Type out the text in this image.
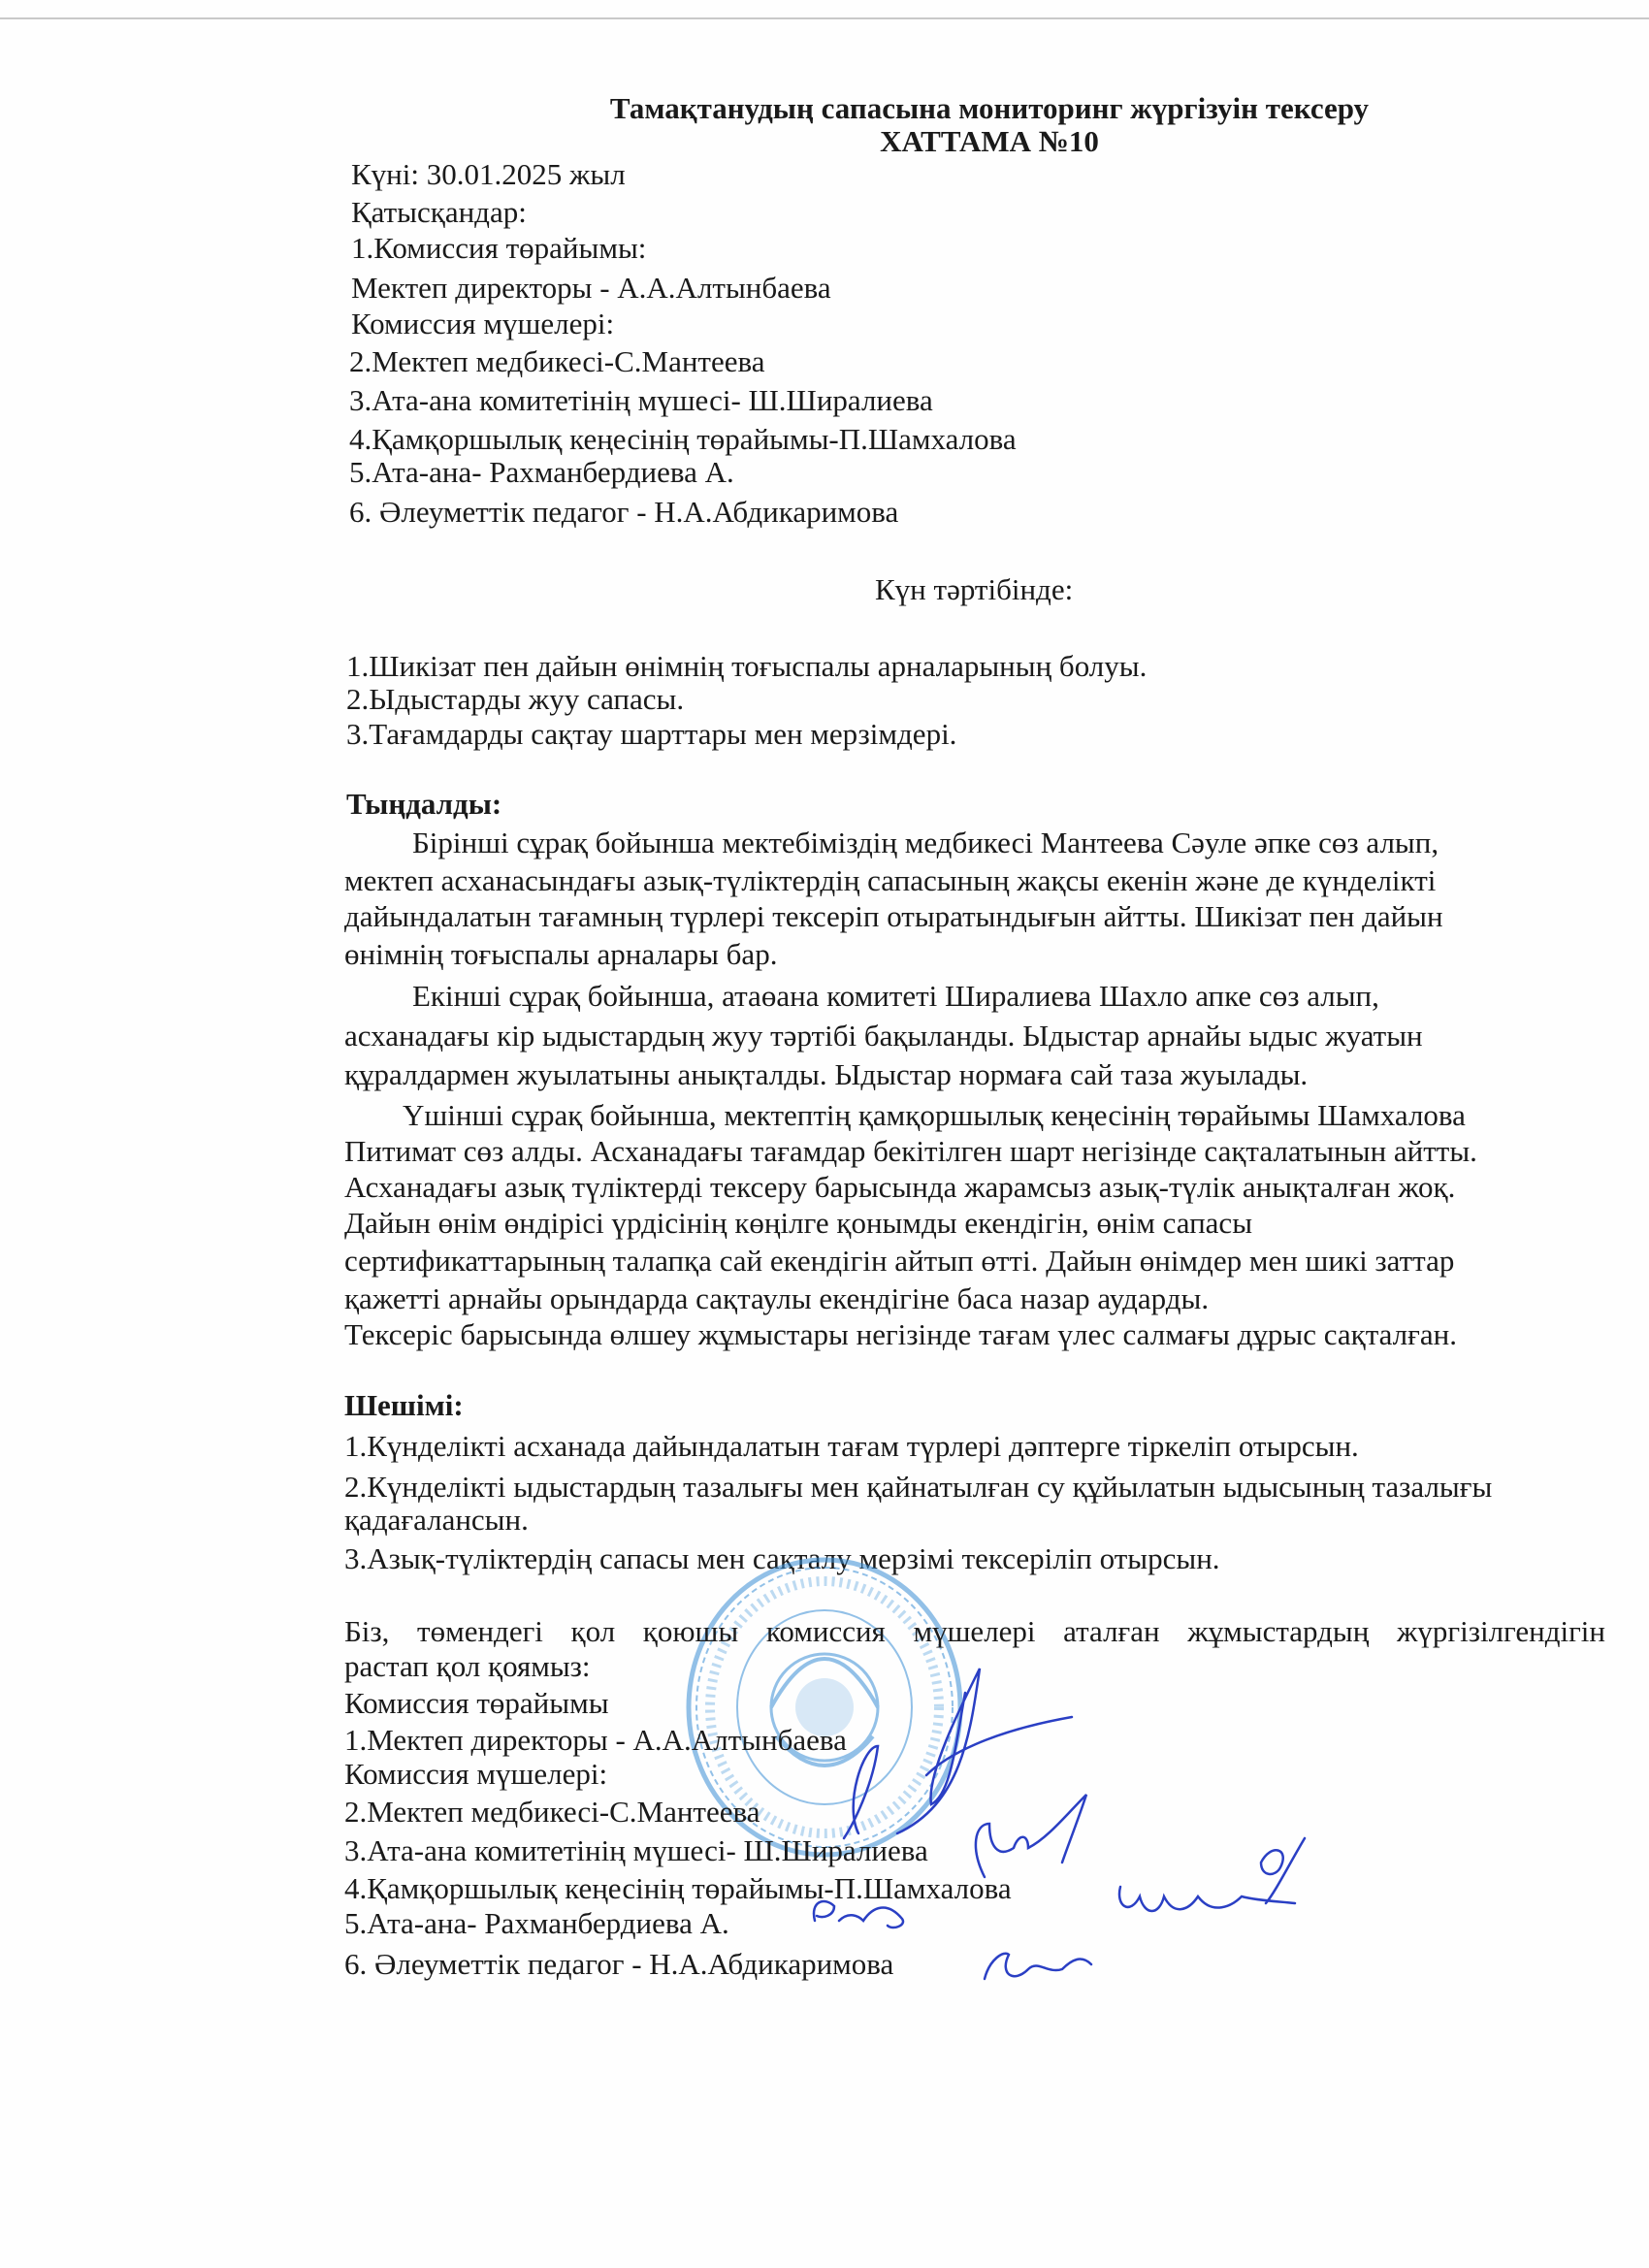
Тамақтанудың сапасына мониторинг жүргізуін тексеру
ХАТТАМА №10
Күні: 30.01.2025 жыл
Қатысқандар:
1.Комиссия төрайымы:
Мектеп директоры - А.А.Алтынбаева
Комиссия мүшелері:
2.Мектеп медбикесі-С.Мантеева
3.Ата-ана комитетінің мүшесі- Ш.Ширалиева
4.Қамқоршылық кеңесінің төрайымы-П.Шамхалова
5.Ата-ана- Рахманбердиева А.
6. Әлеуметтік педагог - Н.А.Абдикаримова
Күн тәртібінде:
1.Шикізат пен дайын өнімнің тоғыспалы арналарының болуы.
2.Ыдыстарды жуу сапасы.
3.Тағамдарды сақтау шарттары мен мерзімдері.
Тыңдалды:
Бірінші сұрақ бойынша мектебіміздің медбикесі Мантеева Сәуле әпке сөз алып,
мектеп асханасындағы азық-түліктердің сапасының жақсы екенін және де күнделікті
дайындалатын тағамның түрлері тексеріп отыратындығын айтты. Шикізат пен дайын
өнімнің тоғыспалы арналары бар.
Екінші сұрақ бойынша, атаөана комитеті Ширалиева Шахло апке сөз алып,
асханадағы кір ыдыстардың жуу тәртібі бақыланды. Ыдыстар арнайы ыдыс жуатын
құралдармен жуылатыны анықталды. Ыдыстар нормаға сай таза жуылады.
Үшінші сұрақ бойынша, мектептің қамқоршылық кеңесінің төрайымы Шамхалова
Питимат сөз алды. Асханадағы тағамдар бекітілген шарт негізінде сақталатынын айтты.
Асханадағы азық түліктерді тексеру барысында жарамсыз азық-түлік анықталған жоқ.
Дайын өнім өндірісі үрдісінің көңілге қонымды екендігін, өнім сапасы
сертификаттарының талапқа сай екендігін айтып өтті. Дайын өнімдер мен шикі заттар
қажетті арнайы орындарда сақтаулы екендігіне баса назар аударды.
Тексеріс барысында өлшеу жұмыстары негізінде тағам үлес салмағы дұрыс сақталған.
Шешімі:
1.Күнделікті асханада дайындалатын тағам түрлері дәптерге тіркеліп отырсын.
2.Күнделікті ыдыстардың тазалығы мен қайнатылған су құйылатын ыдысының тазалығы
қадағалансын.
3.Азық-түліктердің сапасы мен сақталу мерзімі тексеріліп отырсын.
Біз, төмендегі қол қоюшы комиссия мүшелері аталған жұмыстардың жүргізілгендігін
растап қол қоямыз:
Комиссия төрайымы
1.Мектеп директоры - А.А.Алтынбаева
Комиссия мүшелері:
2.Мектеп медбикесі-С.Мантеева
3.Ата-ана комитетінің мүшесі- Ш.Ширалиева
4.Қамқоршылық кеңесінің төрайымы-П.Шамхалова
5.Ата-ана- Рахманбердиева А.
6. Әлеуметтік педагог - Н.А.Абдикаримова
